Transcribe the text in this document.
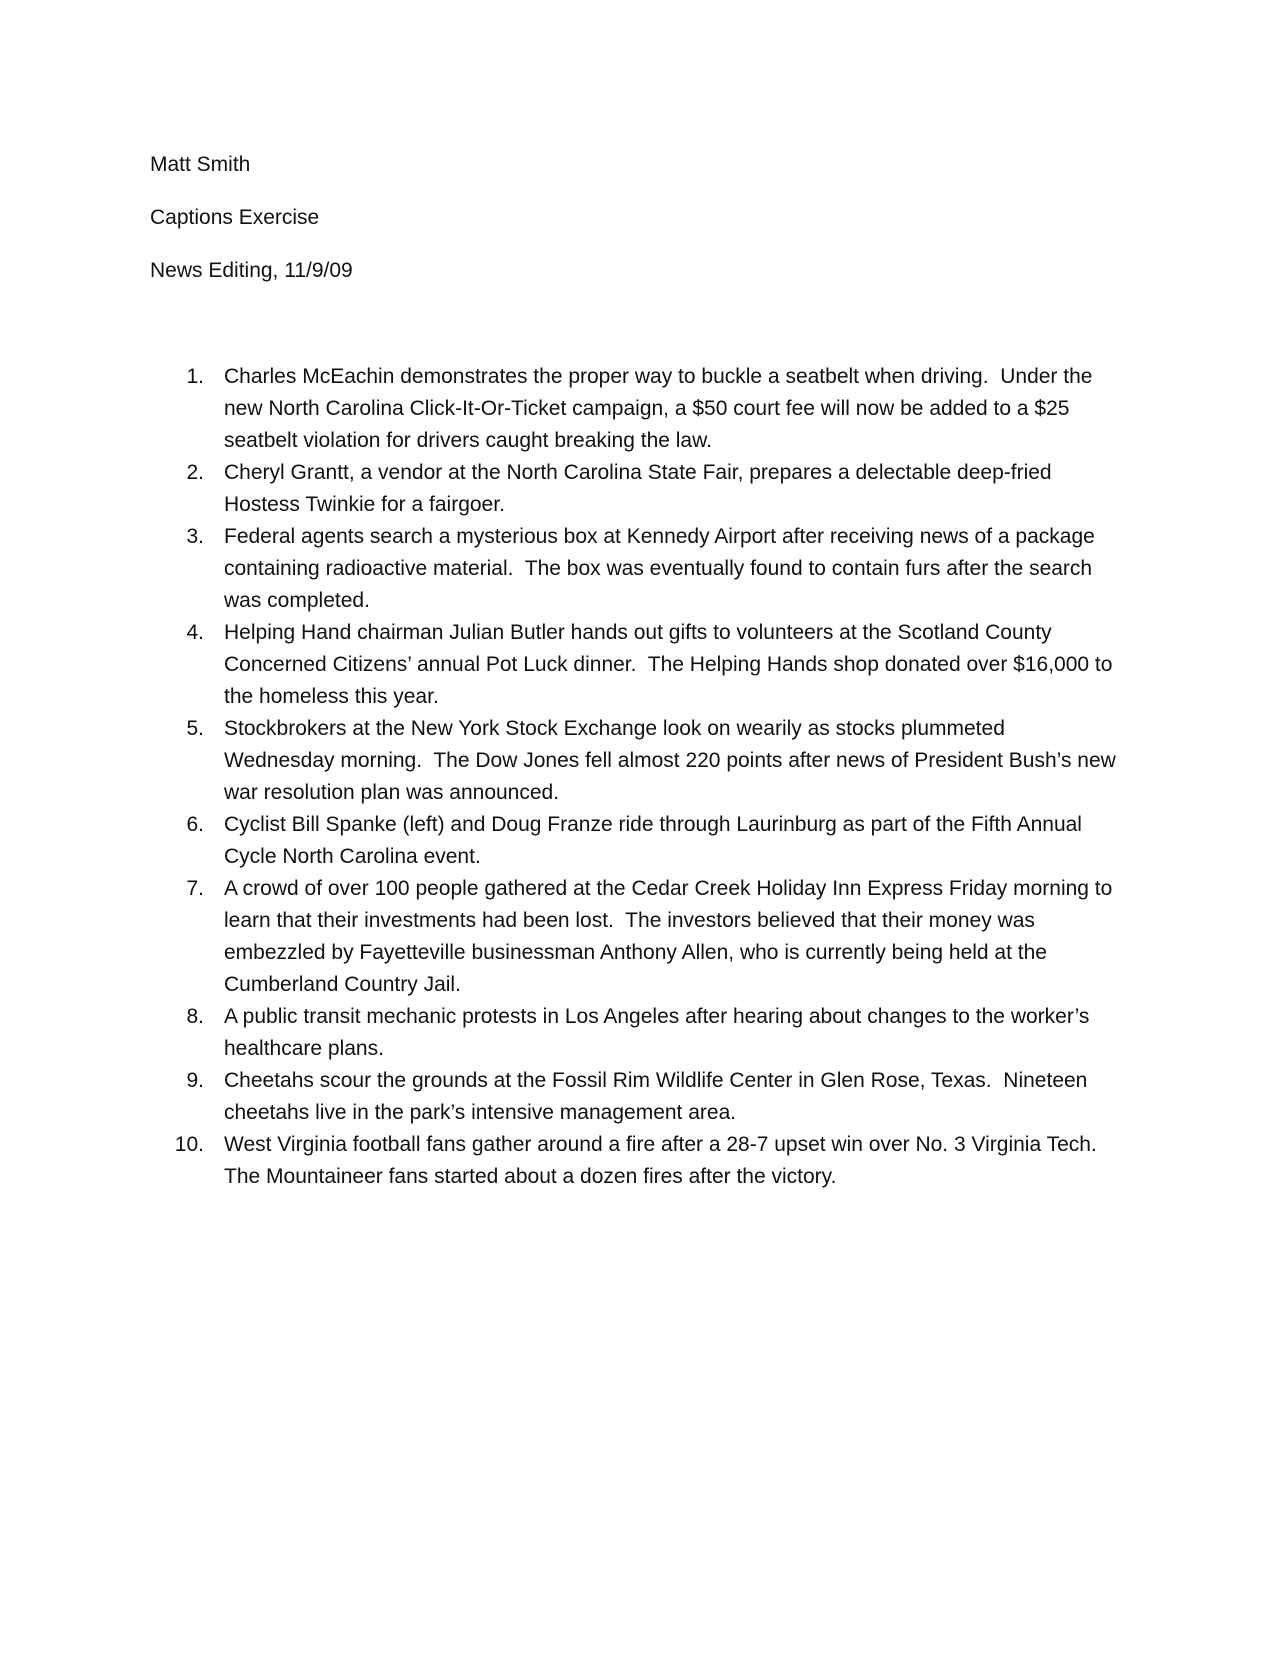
Matt Smith
Captions Exercise
News Editing, 11/9/09
1. Charles McEachin demonstrates the proper way to buckle a seatbelt when driving.  Under the new North Carolina Click-It-Or-Ticket campaign, a $50 court fee will now be added to a $25 seatbelt violation for drivers caught breaking the law.
2. Cheryl Grantt, a vendor at the North Carolina State Fair, prepares a delectable deep-fried Hostess Twinkie for a fairgoer.
3. Federal agents search a mysterious box at Kennedy Airport after receiving news of a package containing radioactive material.  The box was eventually found to contain furs after the search was completed.
4. Helping Hand chairman Julian Butler hands out gifts to volunteers at the Scotland County Concerned Citizens’ annual Pot Luck dinner.  The Helping Hands shop donated over $16,000 to the homeless this year.
5. Stockbrokers at the New York Stock Exchange look on wearily as stocks plummeted Wednesday morning.  The Dow Jones fell almost 220 points after news of President Bush’s new war resolution plan was announced.
6. Cyclist Bill Spanke (left) and Doug Franze ride through Laurinburg as part of the Fifth Annual Cycle North Carolina event.
7. A crowd of over 100 people gathered at the Cedar Creek Holiday Inn Express Friday morning to learn that their investments had been lost.  The investors believed that their money was embezzled by Fayetteville businessman Anthony Allen, who is currently being held at the Cumberland Country Jail.
8. A public transit mechanic protests in Los Angeles after hearing about changes to the worker’s healthcare plans.
9. Cheetahs scour the grounds at the Fossil Rim Wildlife Center in Glen Rose, Texas.  Nineteen cheetahs live in the park’s intensive management area.
10. West Virginia football fans gather around a fire after a 28-7 upset win over No. 3 Virginia Tech.  The Mountaineer fans started about a dozen fires after the victory.
